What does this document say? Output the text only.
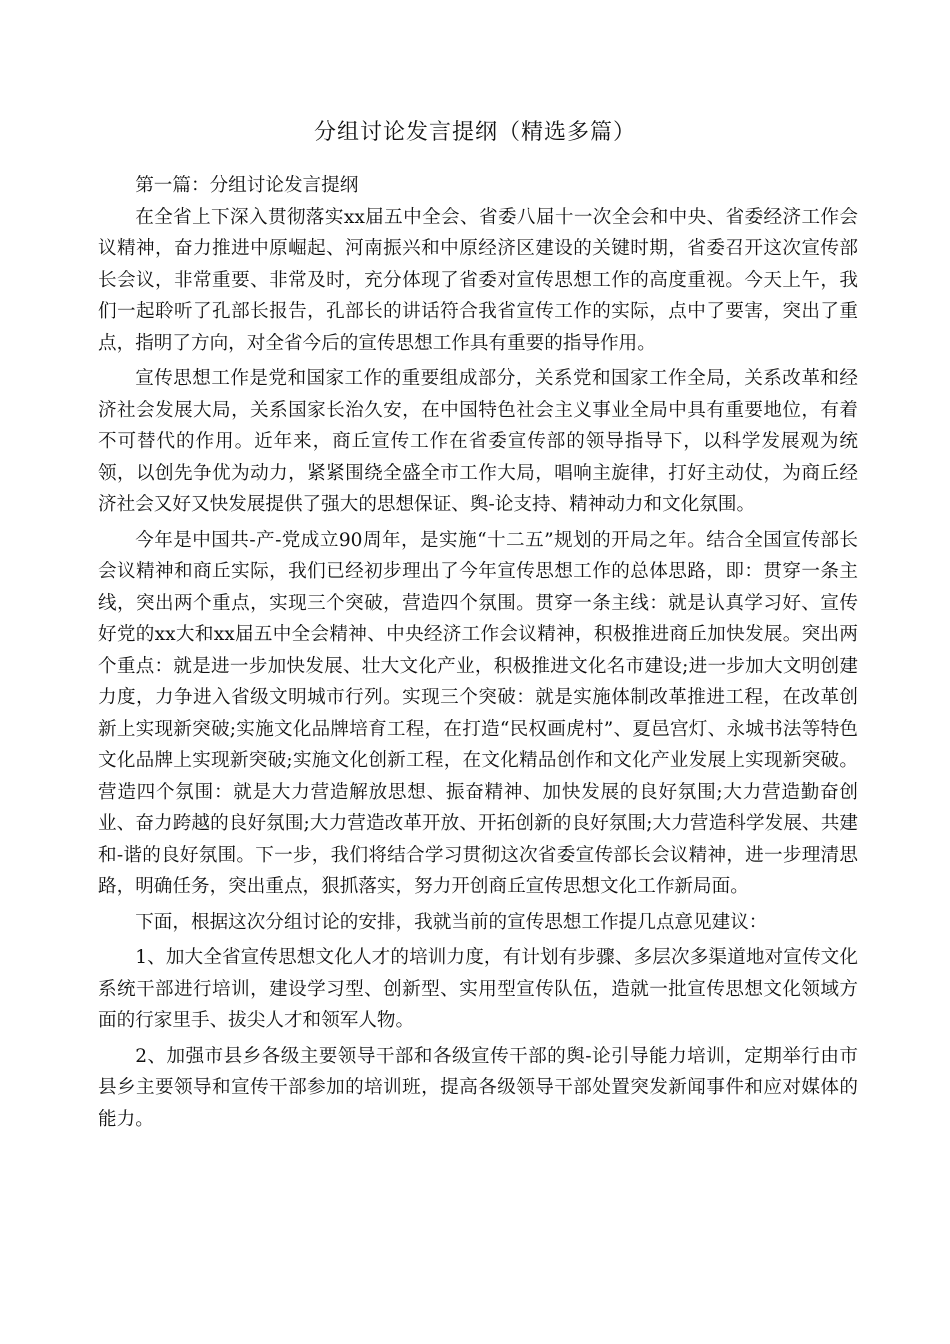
分组讨论发言提纲（精选多篇）

第一篇：分组讨论发言提纲

在全省上下深入贯彻落实xx届五中全会、省委八届十一次全会和中央、省委经济工作会议精神，奋力推进中原崛起、河南振兴和中原经济区建设的关键时期，省委召开这次宣传部长会议，非常重要、非常及时，充分体现了省委对宣传思想工作的高度重视。今天上午，我们一起聆听了孔部长报告，孔部长的讲话符合我省宣传工作的实际，点中了要害，突出了重点，指明了方向，对全省今后的宣传思想工作具有重要的指导作用。

宣传思想工作是党和国家工作的重要组成部分，关系党和国家工作全局，关系改革和经济社会发展大局，关系国家长治久安，在中国特色社会主义事业全局中具有重要地位，有着不可替代的作用。近年来，商丘宣传工作在省委宣传部的领导指导下，以科学发展观为统领，以创先争优为动力，紧紧围绕全盛全市工作大局，唱响主旋律，打好主动仗，为商丘经济社会又好又快发展提供了强大的思想保证、舆-论支持、精神动力和文化氛围。

今年是中国共-产-党成立90周年，是实施“十二五”规划的开局之年。结合全国宣传部长会议精神和商丘实际，我们已经初步理出了今年宣传思想工作的总体思路，即：贯穿一条主线，突出两个重点，实现三个突破，营造四个氛围。贯穿一条主线：就是认真学习好、宣传好党的xx大和xx届五中全会精神、中央经济工作会议精神，积极推进商丘加快发展。突出两个重点：就是进一步加快发展、壮大文化产业，积极推进文化名市建设;进一步加大文明创建力度，力争进入省级文明城市行列。实现三个突破：就是实施体制改革推进工程，在改革创新上实现新突破;实施文化品牌培育工程，在打造“民权画虎村”、夏邑宫灯、永城书法等特色文化品牌上实现新突破;实施文化创新工程，在文化精品创作和文化产业发展上实现新突破。营造四个氛围：就是大力营造解放思想、振奋精神、加快发展的良好氛围;大力营造勤奋创业、奋力跨越的良好氛围;大力营造改革开放、开拓创新的良好氛围;大力营造科学发展、共建和-谐的良好氛围。下一步，我们将结合学习贯彻这次省委宣传部长会议精神，进一步理清思路，明确任务，突出重点，狠抓落实，努力开创商丘宣传思想文化工作新局面。

下面，根据这次分组讨论的安排，我就当前的宣传思想工作提几点意见建议：

1、加大全省宣传思想文化人才的培训力度，有计划有步骤、多层次多渠道地对宣传文化系统干部进行培训，建设学习型、创新型、实用型宣传队伍，造就一批宣传思想文化领域方面的行家里手、拔尖人才和领军人物。

2、加强市县乡各级主要领导干部和各级宣传干部的舆-论引导能力培训，定期举行由市县乡主要领导和宣传干部参加的培训班，提高各级领导干部处置突发新闻事件和应对媒体的能力。
